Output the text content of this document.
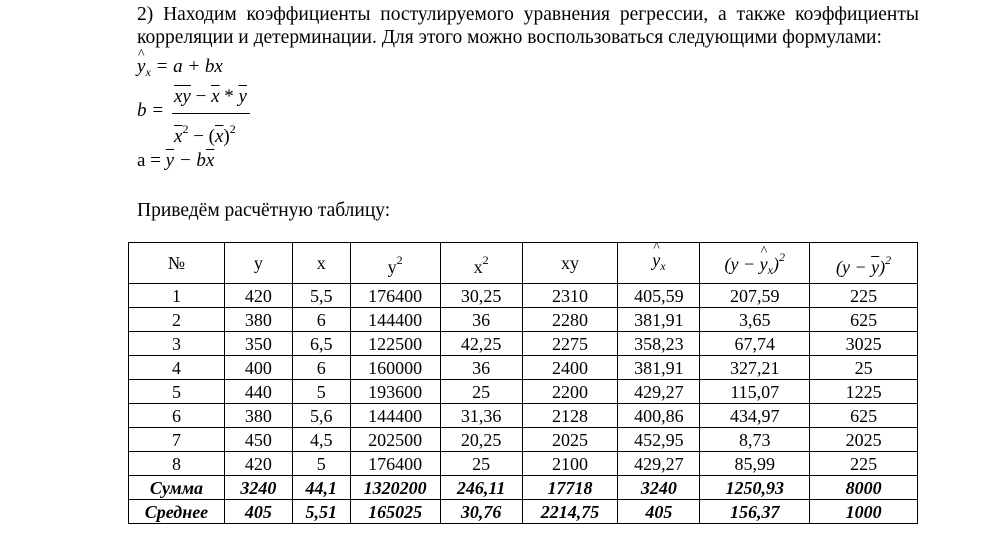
2) Находим коэффициенты постулируемого уравнения регрессии, а также коэффициенты корреляции и детерминации. Для этого можно воспользоваться следующими формулами:
^ $y_x = a$ + bx
b =
$\overline{xy} - \overline{x} * \overline{y}$
$\overline{x}^2 - (\overline{x})^2$
$a = \overline{y} - b\overline{x}$
Приведём расчётную таблицу:
№	y	x	$y^2$	$x^2$	xy	^ $y_x$	(y − ^ $y_x)^2$	$(y - \overline{y})^2$
1	420	5,5	176400	30,25	2310	405,59	207,59	225
2	380	6	144400	36	2280	381,91	3,65	625
3	350	6,5	122500	42,25	2275	358,23	67,74	3025
4	400	6	160000	36	2400	381,91	327,21	25
5	440	5	193600	25	2200	429,27	115,07	1225
6	380	5,6	144400	31,36	2128	400,86	434,97	625
7	450	4,5	202500	20,25	2025	452,95	8,73	2025
8	420	5	176400	25	2100	429,27	85,99	225
Сумма	3240	44,1	1320200	246,11	17718	3240	1250,93	8000
Среднее	405	5,51	165025	30,76	2214,75	405	156,37	1000
